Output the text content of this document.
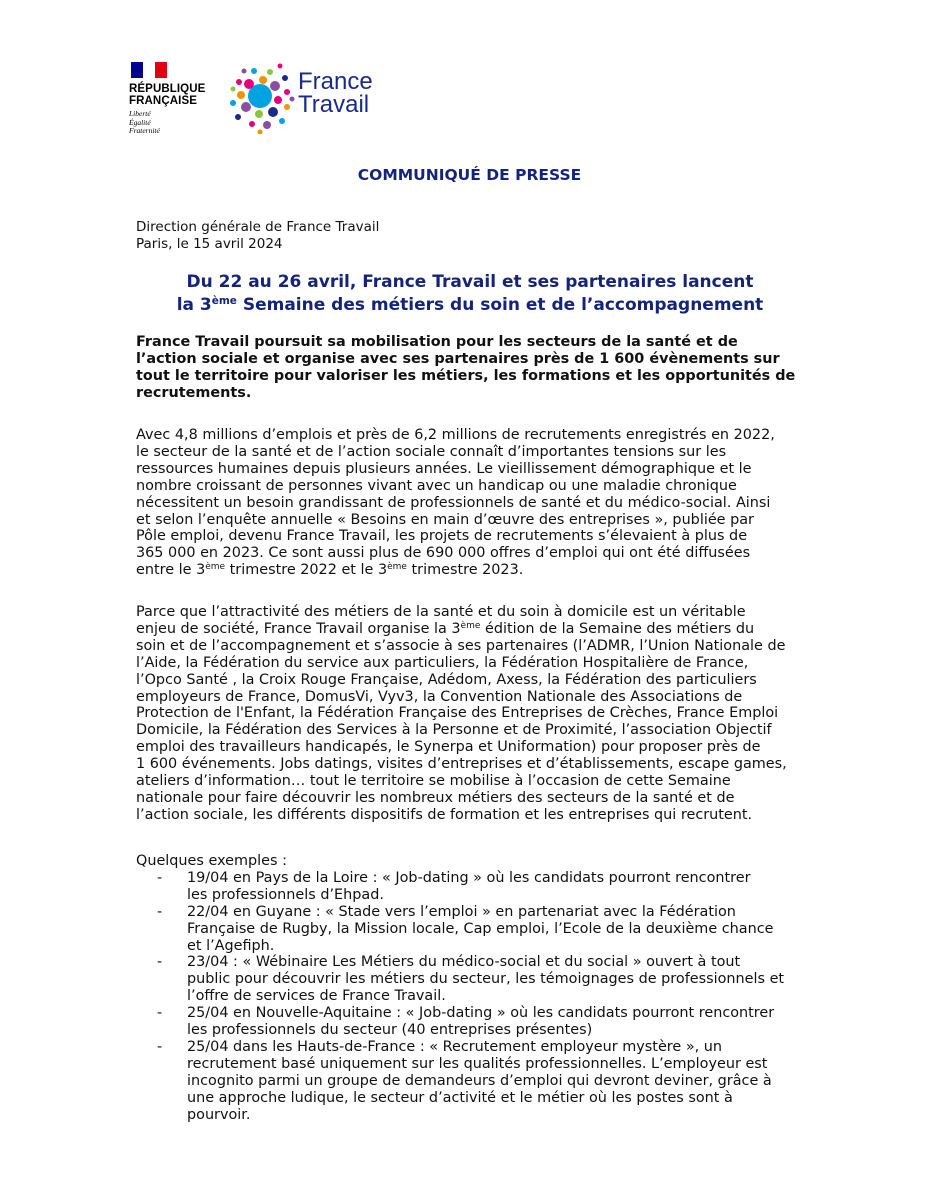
RÉPUBLIQUE
FRANÇAISE
Liberté
Égalité
Fraternité
France
Travail
COMMUNIQUÉ DE PRESSE
Direction générale de France Travail
Paris, le 15 avril 2024
Du 22 au 26 avril, France Travail et ses partenaires lancent
la 3ème Semaine des métiers du soin et de l’accompagnement
France Travail poursuit sa mobilisation pour les secteurs de la santé et de
l’action sociale et organise avec ses partenaires près de 1 600 évènements sur
tout le territoire pour valoriser les métiers, les formations et les opportunités de
recrutements.
Avec 4,8 millions d’emplois et près de 6,2 millions de recrutements enregistrés en 2022,
le secteur de la santé et de l’action sociale connaît d’importantes tensions sur les
ressources humaines depuis plusieurs années. Le vieillissement démographique et le
nombre croissant de personnes vivant avec un handicap ou une maladie chronique
nécessitent un besoin grandissant de professionnels de santé et du médico-social. Ainsi
et selon l’enquête annuelle « Besoins en main d’œuvre des entreprises », publiée par
Pôle emploi, devenu France Travail, les projets de recrutements s’élevaient à plus de
365 000 en 2023. Ce sont aussi plus de 690 000 offres d’emploi qui ont été diffusées
entre le 3ème trimestre 2022 et le 3ème trimestre 2023.
Parce que l’attractivité des métiers de la santé et du soin à domicile est un véritable
enjeu de société, France Travail organise la 3ème édition de la Semaine des métiers du
soin et de l’accompagnement et s’associe à ses partenaires (l’ADMR, l’Union Nationale de
l’Aide, la Fédération du service aux particuliers, la Fédération Hospitalière de France,
l’Opco Santé , la Croix Rouge Française, Adédom, Axess, la Fédération des particuliers
employeurs de France, DomusVi, Vyv3, la Convention Nationale des Associations de
Protection de l'Enfant, la Fédération Française des Entreprises de Crèches, France Emploi
Domicile, la Fédération des Services à la Personne et de Proximité, l’association Objectif
emploi des travailleurs handicapés, le Synerpa et Uniformation) pour proposer près de
1 600 événements. Jobs datings, visites d’entreprises et d’établissements, escape games,
ateliers d’information… tout le territoire se mobilise à l’occasion de cette Semaine
nationale pour faire découvrir les nombreux métiers des secteurs de la santé et de
l’action sociale, les différents dispositifs de formation et les entreprises qui recrutent.
Quelques exemples :
- 19/04 en Pays de la Loire : « Job-dating » où les candidats pourront rencontrer
les professionnels d’Ehpad.
- 22/04 en Guyane : « Stade vers l’emploi » en partenariat avec la Fédération
Française de Rugby, la Mission locale, Cap emploi, l’Ecole de la deuxième chance
et l’Agefiph.
- 23/04 : « Wébinaire Les Métiers du médico-social et du social » ouvert à tout
public pour découvrir les métiers du secteur, les témoignages de professionnels et
l’offre de services de France Travail.
- 25/04 en Nouvelle-Aquitaine : « Job-dating » où les candidats pourront rencontrer
les professionnels du secteur (40 entreprises présentes)
- 25/04 dans les Hauts-de-France : « Recrutement employeur mystère », un
recrutement basé uniquement sur les qualités professionnelles. L’employeur est
incognito parmi un groupe de demandeurs d’emploi qui devront deviner, grâce à
une approche ludique, le secteur d’activité et le métier où les postes sont à
pourvoir.
